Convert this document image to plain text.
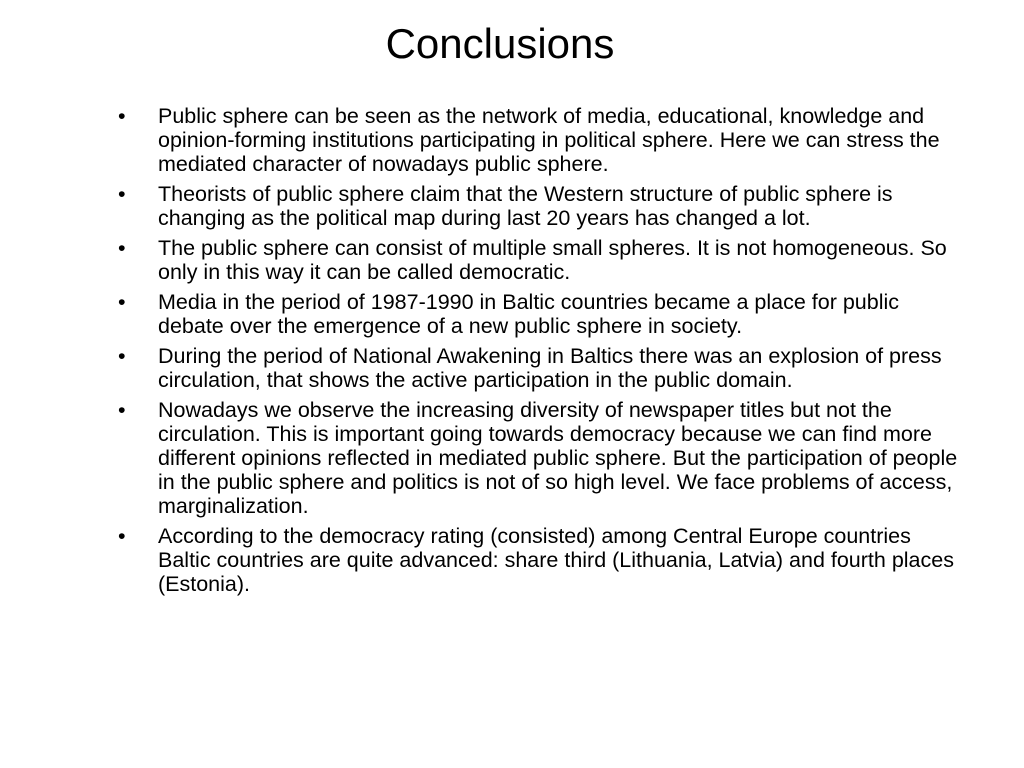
Conclusions
•	Public sphere can be seen as the network of media, educational, knowledge and opinion-forming institutions participating in political sphere. Here we can stress the mediated character of nowadays public sphere.
•	Theorists of public sphere claim that the Western structure of public sphere is changing as the political map during last 20 years has changed a lot.
•	The public sphere can consist of multiple small spheres. It is not homogeneous. So only in this way it can be called democratic.
•	Media in the period of 1987-1990 in Baltic countries became a place for public debate over the emergence of a new public sphere in society.
•	During the period of National Awakening in Baltics there was an explosion of press circulation, that shows the active participation in the public domain.
•	Nowadays we observe the increasing diversity of newspaper titles but not the circulation. This is important going towards democracy because we can find more different opinions reflected in mediated public sphere. But the participation of people in the public sphere and politics is not of so high level. We face problems of access, marginalization.
•	According to the democracy rating (consisted) among Central Europe countries Baltic countries are quite advanced: share third (Lithuania, Latvia) and fourth places (Estonia).
